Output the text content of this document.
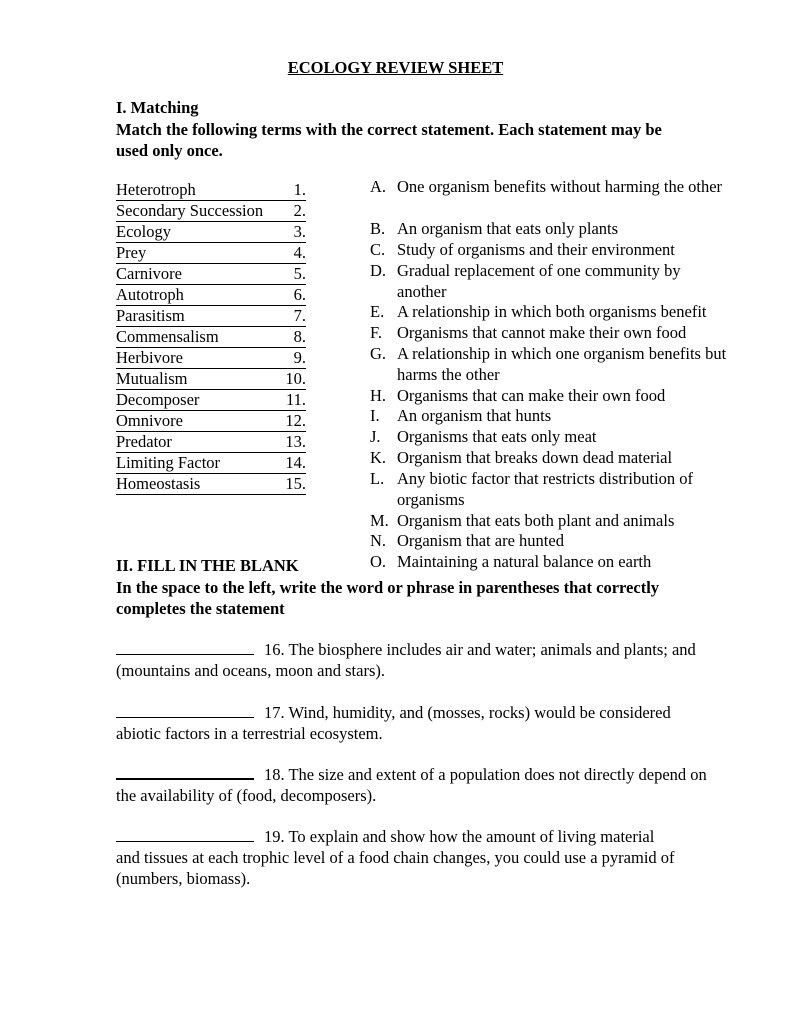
ECOLOGY REVIEW SHEET
I. Matching
Match the following terms with the correct statement. Each statement may be used only once.
Heterotroph	1.
Secondary Succession 2.
Ecology	3.
Prey	4.
Carnivore	5.
Autotroph	6.
Parasitism	7.
Commensalism	8.
Herbivore	9.
Mutualism	10.
Decomposer	11.
Omnivore	12.
Predator	13.
Limiting Factor	14.
Homeostasis	15.
A. One organism benefits without harming the other
B. An organism that eats only plants
C. Study of organisms and their environment
D. Gradual replacement of one community by another
E. A relationship in which both organisms benefit
F. Organisms that cannot make their own food
G. A relationship in which one organism benefits but harms the other
H. Organisms that can make their own food
I. An organism that hunts
J. Organisms that eats only meat
K. Organism that breaks down dead material
L. Any biotic factor that restricts distribution of organisms
M. Organism that eats both plant and animals
N. Organism that are hunted
O. Maintaining a natural balance on earth
II. FILL IN THE BLANK
In the space to the left, write the word or phrase in parentheses that correctly completes the statement
16. The biosphere includes air and water; animals and plants; and (mountains and oceans, moon and stars).
17. Wind, humidity, and (mosses, rocks) would be considered abiotic factors in a terrestrial ecosystem.
18. The size and extent of a population does not directly depend on the availability of (food, decomposers).
19. To explain and show how the amount of living material and tissues at each trophic level of a food chain changes, you could use a pyramid of (numbers, biomass).
